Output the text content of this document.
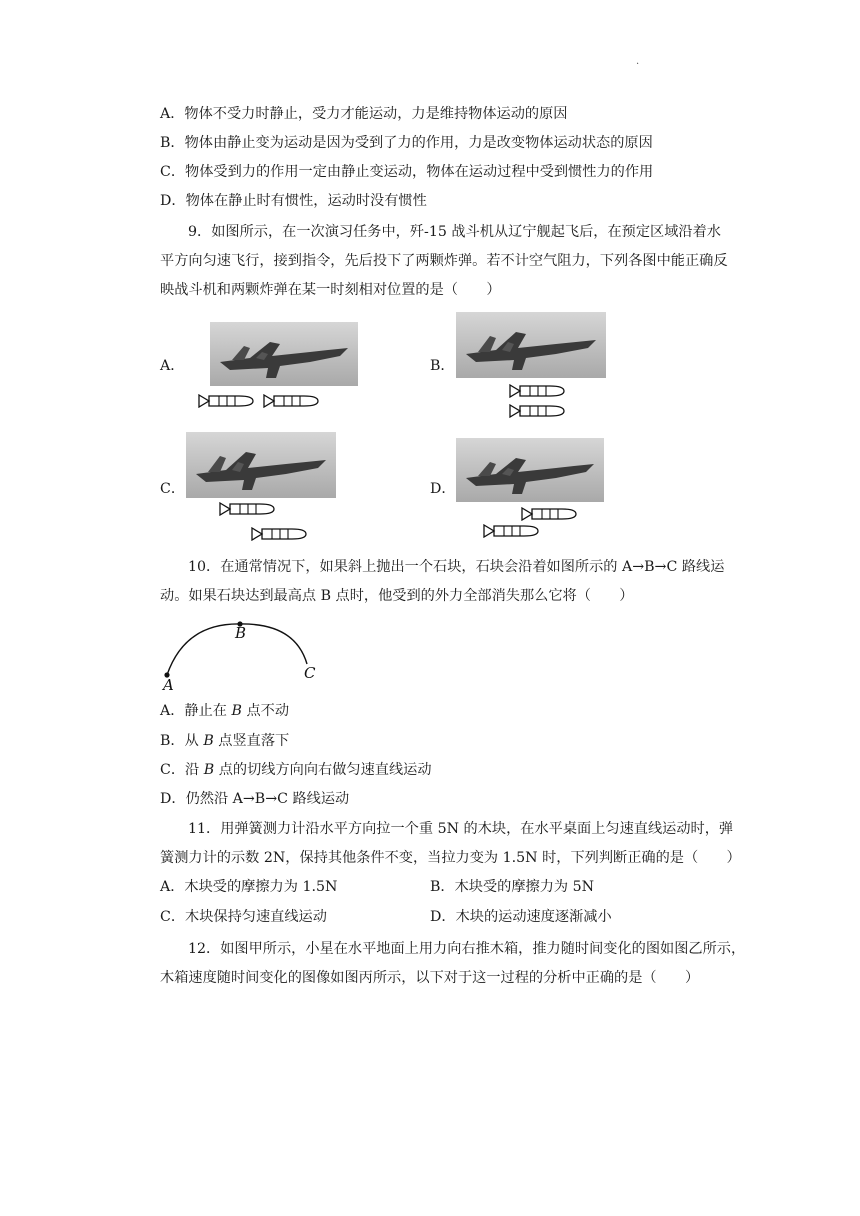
.
A．物体不受力时静止，受力才能运动，力是维持物体运动的原因
B．物体由静止变为运动是因为受到了力的作用，力是改变物体运动状态的原因
C．物体受到力的作用一定由静止变运动，物体在运动过程中受到惯性力的作用
D．物体在静止时有惯性，运动时没有惯性
9．如图所示，在一次演习任务中，歼-15 战斗机从辽宁舰起飞后，在预定区域沿着水
平方向匀速飞行，接到指令，先后投下了两颗炸弹。若不计空气阻力，下列各图中能正确反
映战斗机和两颗炸弹在某一时刻相对位置的是（　　）
A．	B．
C．	D．
10．在通常情况下，如果斜上抛出一个石块，石块会沿着如图所示的 A→B→C 路线运
动。如果石块达到最高点 B 点时，他受到的外力全部消失那么它将（　　）
A
B
C
A．静止在 B 点不动
B．从 B 点竖直落下
C．沿 B 点的切线方向向右做匀速直线运动
D．仍然沿 A→B→C 路线运动
11．用弹簧测力计沿水平方向拉一个重 5N 的木块，在水平桌面上匀速直线运动时，弹
簧测力计的示数 2N，保持其他条件不变，当拉力变为 1.5N 时，下列判断正确的是（　　）
A．木块受的摩擦力为 1.5N	B．木块受的摩擦力为 5N
C．木块保持匀速直线运动	D．木块的运动速度逐渐减小
12．如图甲所示，小星在水平地面上用力向右推木箱，推力随时间变化的图如图乙所示，
木箱速度随时间变化的图像如图丙所示，以下对于这一过程的分析中正确的是（　　）
